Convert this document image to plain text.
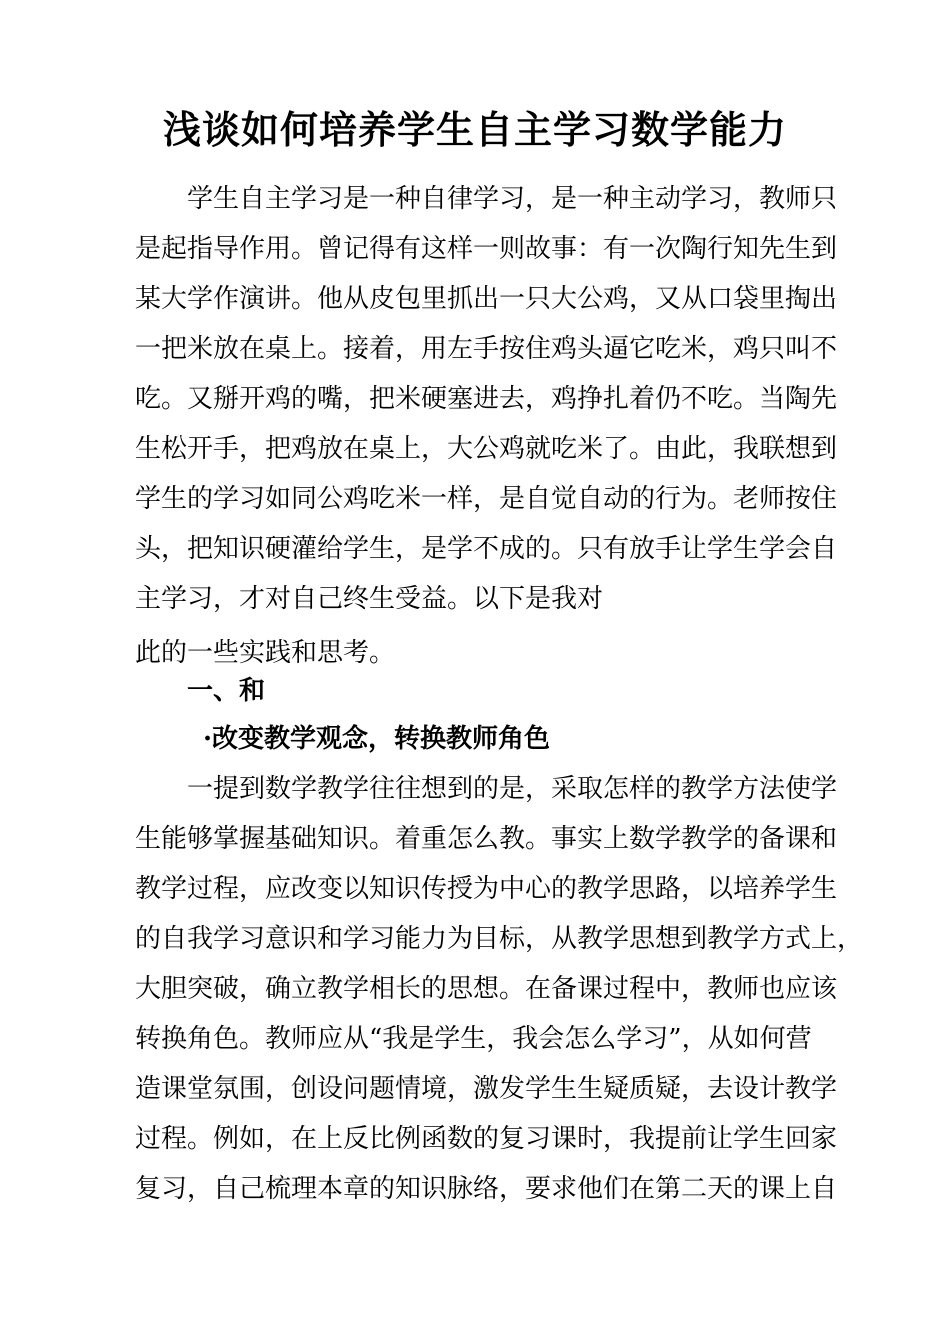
浅谈如何培养学生自主学习数学能力

学生自主学习是一种自律学习，是一种主动学习，教师只

是起指导作用。曾记得有这样一则故事：有一次陶行知先生到

某大学作演讲。他从皮包里抓出一只大公鸡，又从口袋里掏出

一把米放在桌上。接着，用左手按住鸡头逼它吃米，鸡只叫不

吃。又掰开鸡的嘴，把米硬塞进去，鸡挣扎着仍不吃。当陶先

生松开手，把鸡放在桌上，大公鸡就吃米了。由此，我联想到

学生的学习如同公鸡吃米一样，是自觉自动的行为。老师按住

头，把知识硬灌给学生，是学不成的。只有放手让学生学会自

主学习，才对自己终生受益。以下是我对

此的一些实践和思考。

一、和
·改变教学观念，转换教师角色

一提到数学教学往往想到的是，采取怎样的教学方法使学

生能够掌握基础知识。着重怎么教。事实上数学教学的备课和

教学过程，应改变以知识传授为中心的教学思路，以培养学生

的自我学习意识和学习能力为目标，从教学思想到教学方式上，

大胆突破，确立教学相长的思想。在备课过程中，教师也应该

转换角色。教师应从“我是学生，我会怎么学习”，从如何营

造课堂氛围，创设问题情境，激发学生生疑质疑，去设计教学

过程。例如，在上反比例函数的复习课时，我提前让学生回家

复习，自己梳理本章的知识脉络，要求他们在第二天的课上自
